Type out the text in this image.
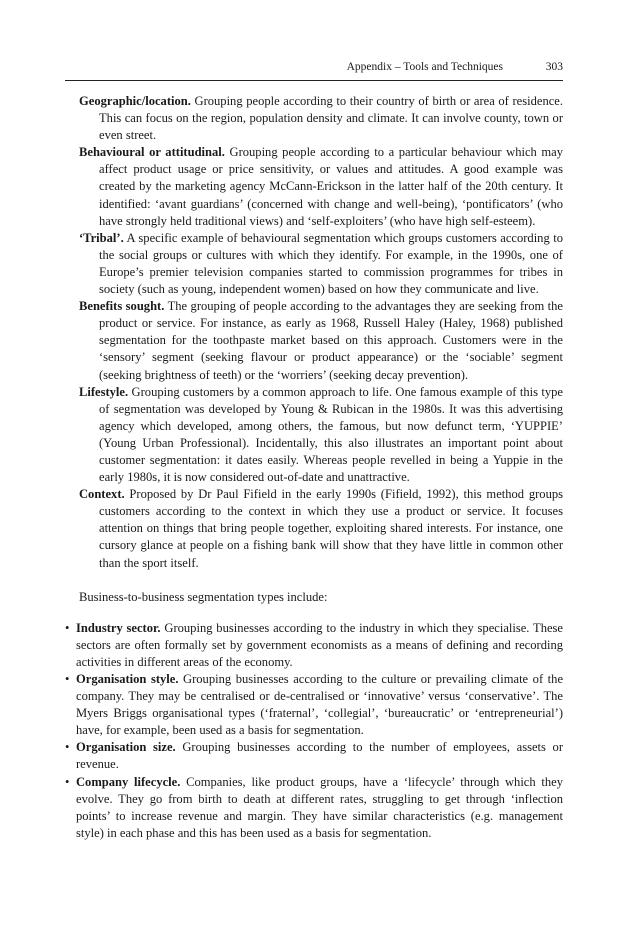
Appendix – Tools and Techniques	303

Geographic/location. Grouping people according to their country of birth or area of residence. This can focus on the region, population density and climate. It can involve county, town or even street.

Behavioural or attitudinal. Grouping people according to a particular behaviour which may affect product usage or price sensitivity, or values and attitudes. A good example was created by the marketing agency McCann-Erickson in the latter half of the 20th century. It identified: ‘avant guardians’ (concerned with change and well-being), ‘pontificators’ (who have strongly held traditional views) and ‘self-exploiters’ (who have high self-esteem).

‘Tribal’. A specific example of behavioural segmentation which groups customers according to the social groups or cultures with which they identify. For example, in the 1990s, one of Europe’s premier television companies started to commission programmes for tribes in society (such as young, independent women) based on how they communicate and live.

Benefits sought. The grouping of people according to the advantages they are seeking from the product or service. For instance, as early as 1968, Russell Haley (Haley, 1968) published segmentation for the toothpaste market based on this approach. Customers were in the ‘sensory’ segment (seeking flavour or product appearance) or the ‘sociable’ segment (seeking brightness of teeth) or the ‘worriers’ (seeking decay prevention).

Lifestyle. Grouping customers by a common approach to life. One famous example of this type of segmentation was developed by Young & Rubican in the 1980s. It was this advertising agency which developed, among others, the famous, but now defunct term, ‘YUPPIE’ (Young Urban Professional). Incidentally, this also illustrates an important point about customer segmentation: it dates easily. Whereas people revelled in being a Yuppie in the early 1980s, it is now considered out-of-date and unattractive.

Context. Proposed by Dr Paul Fifield in the early 1990s (Fifield, 1992), this method groups customers according to the context in which they use a product or service. It focuses attention on things that bring people together, exploiting shared interests. For instance, one cursory glance at people on a fishing bank will show that they have little in common other than the sport itself.

Business-to-business segmentation types include:

• Industry sector. Grouping businesses according to the industry in which they specialise. These sectors are often formally set by government economists as a means of defining and recording activities in different areas of the economy.

• Organisation style. Grouping businesses according to the culture or prevailing climate of the company. They may be centralised or de-centralised or ‘innovative’ versus ‘conservative’. The Myers Briggs organisational types (‘fraternal’, ‘collegial’, ‘bureaucratic’ or ‘entrepreneurial’) have, for example, been used as a basis for segmentation.

• Organisation size. Grouping businesses according to the number of employees, assets or revenue.

• Company lifecycle. Companies, like product groups, have a ‘lifecycle’ through which they evolve. They go from birth to death at different rates, struggling to get through ‘inflection points’ to increase revenue and margin. They have similar characteristics (e.g. management style) in each phase and this has been used as a basis for segmentation.
